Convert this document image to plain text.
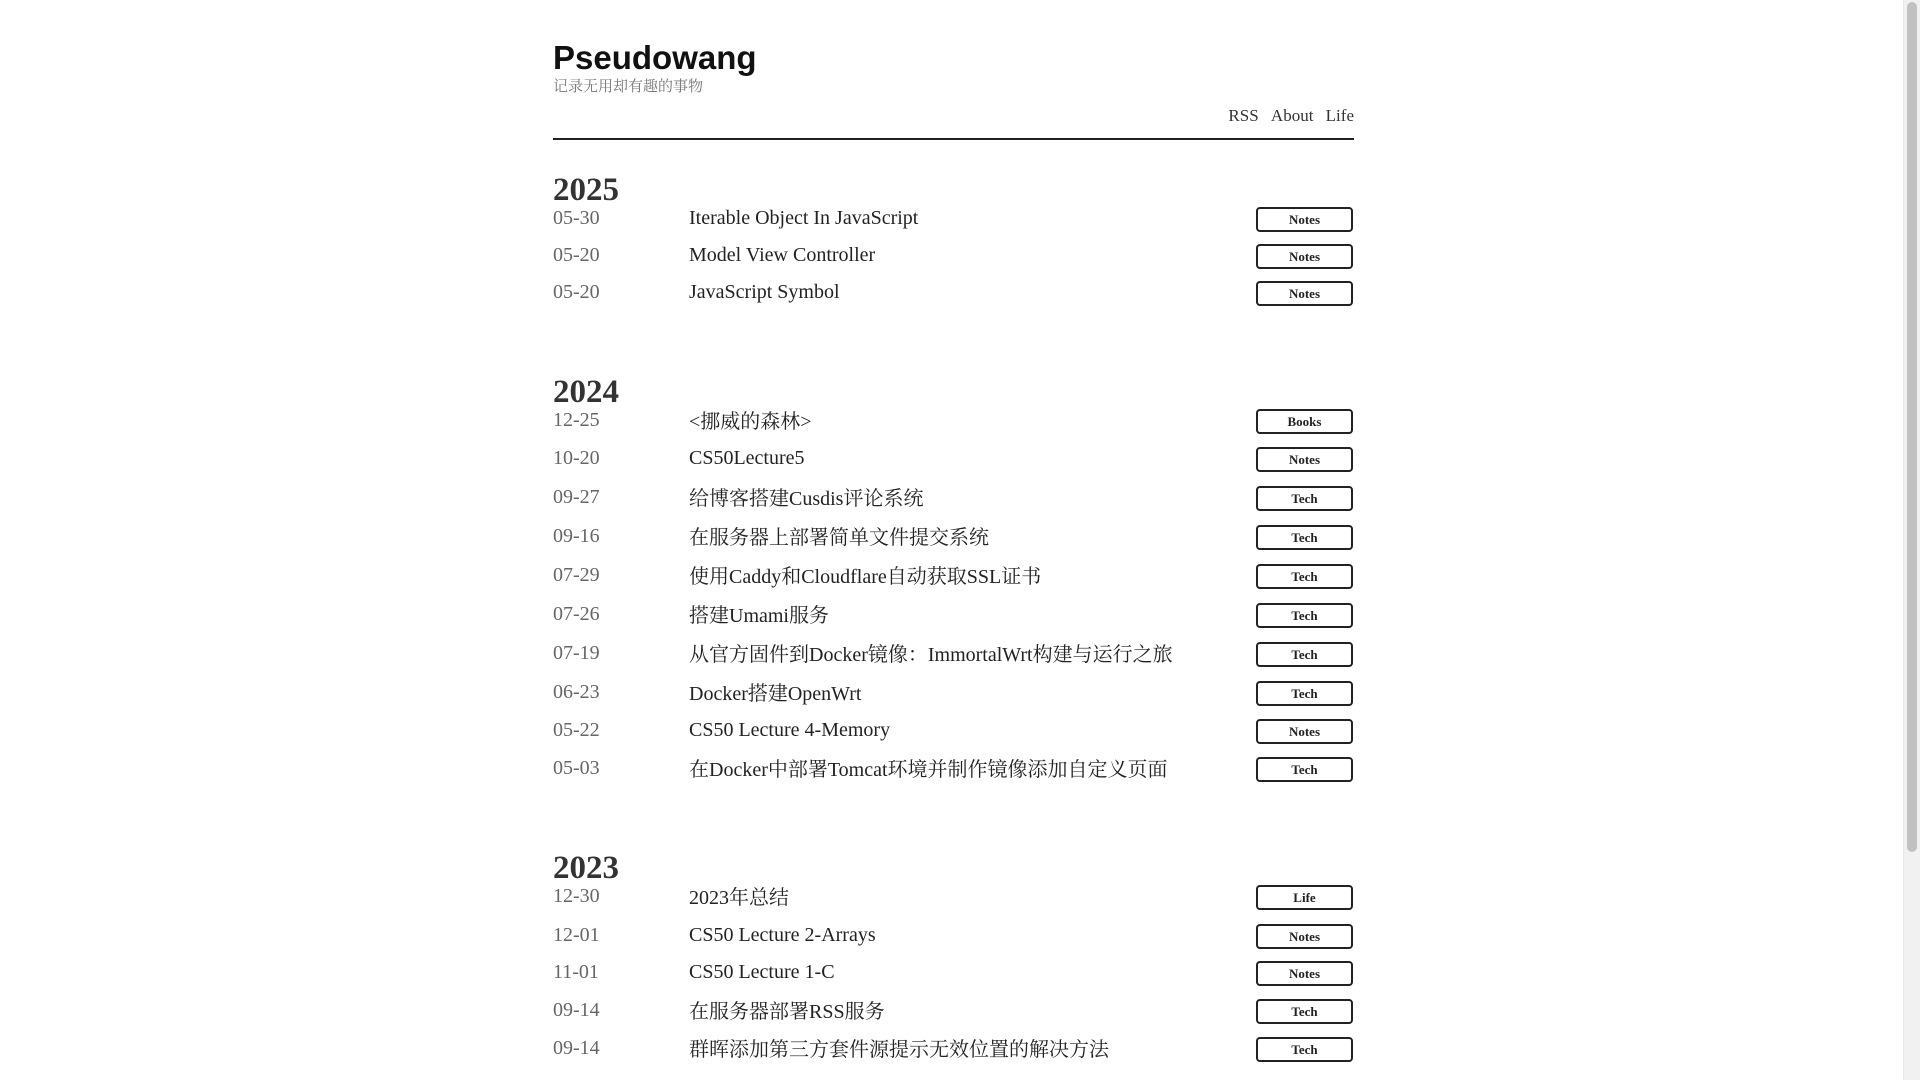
Pseudowang
记录无用却有趣的事物
RSS About Life
2025
05-30	Iterable Object In JavaScript	Notes
05-20	Model View Controller	Notes
05-20	JavaScript Symbol	Notes
2024
12-25	<挪威的森林>	Books
10-20	CS50Lecture5	Notes
09-27	给博客搭建Cusdis评论系统	Tech
09-16	在服务器上部署简单文件提交系统	Tech
07-29	使用Caddy和Cloudflare自动获取SSL证书	Tech
07-26	搭建Umami服务	Tech
07-19	从官方固件到Docker镜像：ImmortalWrt构建与运行之旅	Tech
06-23	Docker搭建OpenWrt	Tech
05-22	CS50 Lecture 4-Memory	Notes
05-03	在Docker中部署Tomcat环境并制作镜像添加自定义页面	Tech
2023
12-30	2023年总结	Life
12-01	CS50 Lecture 2-Arrays	Notes
11-01	CS50 Lecture 1-C	Notes
09-14	在服务器部署RSS服务	Tech
09-14	群晖添加第三方套件源提示无效位置的解决方法	Tech
